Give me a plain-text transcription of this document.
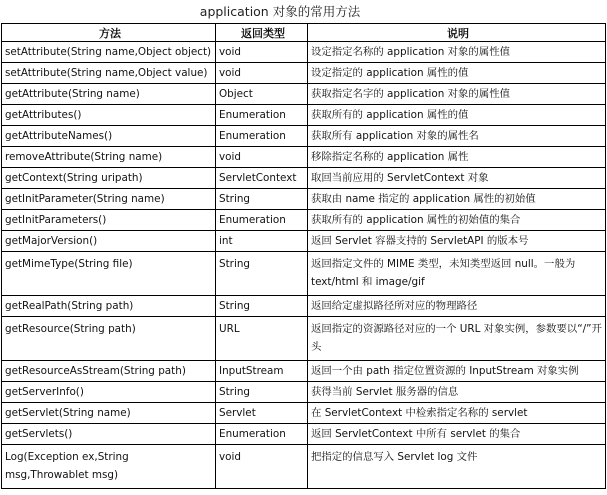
application 对象的常用方法
方法	返回类型	说明
setAttribute(String name,Object object)	void	设定指定名称的 application 对象的属性值
setAttribute(String name,Object value)	void	设定指定的 application 属性的值
getAttribute(String name)	Object	获取指定名字的 application 对象的属性值
getAttributes()	Enumeration	获取所有的 application 属性的值
getAttributeNames()	Enumeration	获取所有 application 对象的属性名
removeAttribute(String name)	void	移除指定名称的 application 属性
getContext(String uripath)	ServletContext	取回当前应用的 ServletContext 对象
getInitParameter(String name)	String	获取由 name 指定的 application 属性的初始值
getInitParameters()	Enumeration	获取所有的 application 属性的初始值的集合
getMajorVersion()	int	返回 Servlet 容器支持的 ServletAPI 的版本号
getMimeType(String file)	String	返回指定文件的 MIME 类型，未知类型返回 null。一般为 text/html 和 image/gif
getRealPath(String path)	String	返回给定虚拟路径所对应的物理路径
getResource(String path)	URL	返回指定的资源路径对应的一个 URL 对象实例，参数要以“/”开头
getResourceAsStream(String path)	InputStream	返回一个由 path 指定位置资源的 InputStream 对象实例
getServerInfo()	String	获得当前 Servlet 服务器的信息
getServlet(String name)	Servlet	在 ServletContext 中检索指定名称的 servlet
getServlets()	Enumeration	返回 ServletContext 中所有 servlet 的集合
Log(Exception ex,String msg,Throwablet msg)	void	把指定的信息写入 Servlet log 文件
